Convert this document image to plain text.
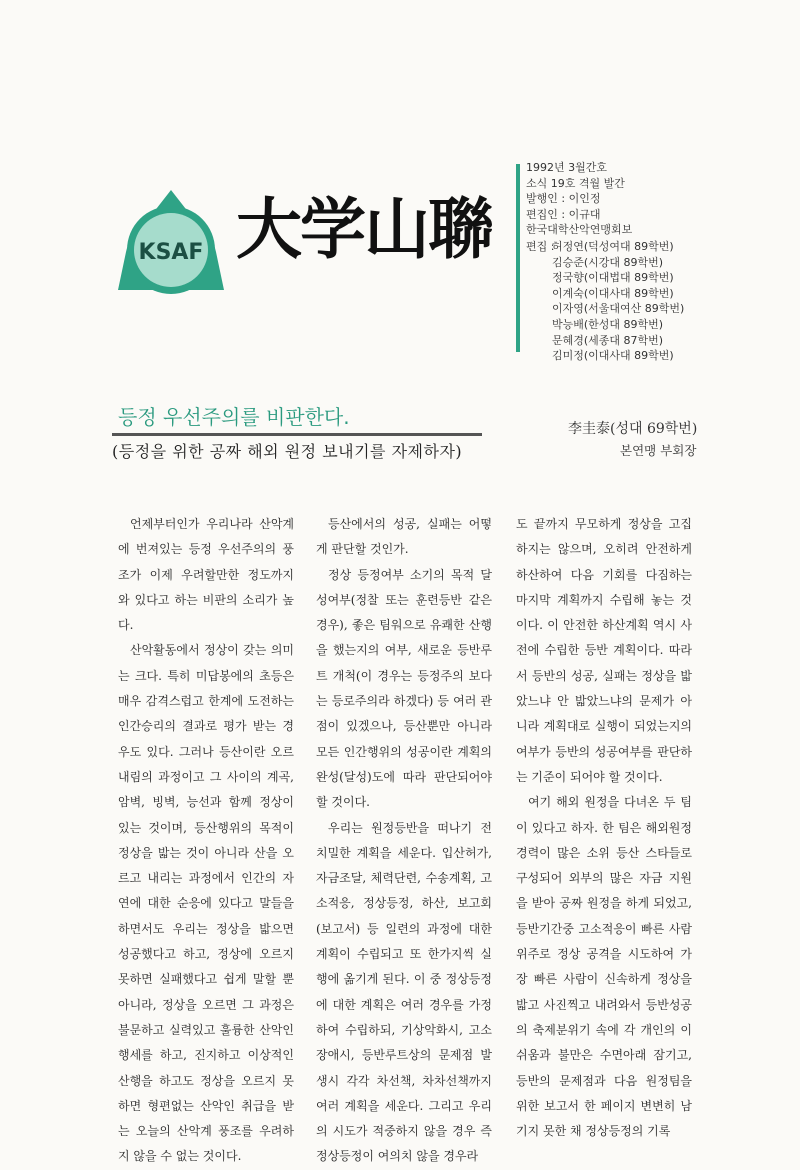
KSAF 大学山聯
1992년 3월간호
소식 19호 격월 발간
발행인 : 이인정
편집인 : 이규대
한국대학산악연맹회보
편집 :
허정연(덕성여대 89학번)
김승준(시강대 89학번)
정국향(이대법대 89학번)
이계숙(이대사대 89학번)
이자영(서울대여산 89학번)
박능배(한성대 89학번)
문혜경(세종대 87학번)
김미정(이대사대 89학번)
등정 우선주의를 비판한다.
(등정을 위한 공짜 해외 원정 보내기를 자제하자)
李圭泰(성대 69학번)
본연맹 부회장

언제부터인가 우리나라 산악계에 번져있는 등정 우선주의의 풍조가 이제 우려할만한 정도까지 와 있다고 하는 비판의 소리가 높다.

산악활동에서 정상이 갖는 의미는 크다. 특히 미답봉에의 초등은 매우 감격스럽고 한계에 도전하는 인간승리의 결과로 평가 받는 경우도 있다. 그러나 등산이란 오르내림의 과정이고 그 사이의 계곡, 암벽, 빙벽, 능선과 함께 정상이 있는 것이며, 등산행위의 목적이 정상을 밟는 것이 아니라 산을 오르고 내리는 과정에서 인간의 자연에 대한 순응에 있다고 말들을 하면서도 우리는 정상을 밟으면 성공했다고 하고, 정상에 오르지 못하면 실패했다고 쉽게 말할 뿐 아니라, 정상을 오르면 그 과정은 불문하고 실력있고 훌륭한 산악인 행세를 하고, 진지하고 이상적인 산행을 하고도 정상을 오르지 못하면 형편없는 산악인 취급을 받는 오늘의 산악계 풍조를 우려하지 않을 수 없는 것이다.

등산에서의 성공, 실패는 어떻게 판단할 것인가.

정상 등정여부 소기의 목적 달성여부(정찰 또는 훈련등반 같은 경우), 좋은 팀워으로 유쾌한 산행을 했는지의 여부, 새로운 등반루트 개척(이 경우는 등정주의 보다는 등로주의라 하겠다) 등 여러 관점이 있겠으나, 등산뿐만 아니라 모든 인간행위의 성공이란 계획의 완성(달성)도에 따라 판단되어야 할 것이다.

우리는 원정등반을 떠나기 전 치밀한 계획을 세운다. 입산허가, 자금조달, 체력단련, 수송계획, 고소적응, 정상등정, 하산, 보고회(보고서) 등 일련의 과정에 대한 계획이 수립되고 또 한가지씩 실행에 옮기게 된다. 이 중 정상등정에 대한 계획은 여러 경우를 가정하여 수립하되, 기상악화시, 고소장애시, 등반루트상의 문제점 발생시 각각 차선책, 차차선책까지 여러 계획을 세운다. 그리고 우리의 시도가 적중하지 않을 경우 즉 정상등정이 여의치 않을 경우라

도 끝까지 무모하게 정상을 고집하지는 않으며, 오히려 안전하게 하산하여 다음 기회를 다짐하는 마지막 계획까지 수립해 놓는 것이다. 이 안전한 하산계획 역시 사전에 수립한 등반 계획이다. 따라서 등반의 성공, 실패는 정상을 밟았느냐 안 밟았느냐의 문제가 아니라 계획대로 실행이 되었는지의 여부가 등반의 성공여부를 판단하는 기준이 되어야 할 것이다.

여기 해외 원정을 다녀온 두 팀이 있다고 하자. 한 팀은 해외원정 경력이 많은 소위 등산 스타들로 구성되어 외부의 많은 자금 지원을 받아 공짜 원정을 하게 되었고, 등반기간중 고소적응이 빠른 사람 위주로 정상 공격을 시도하여 가장 빠른 사람이 신속하게 정상을 밟고 사진찍고 내려와서 등반성공의 축제분위기 속에 각 개인의 이쉬움과 불만은 수면아래 잠기고, 등반의 문제점과 다음 원정팀을 위한 보고서 한 페이지 변변히 남기지 못한 채 정상등정의 기록
